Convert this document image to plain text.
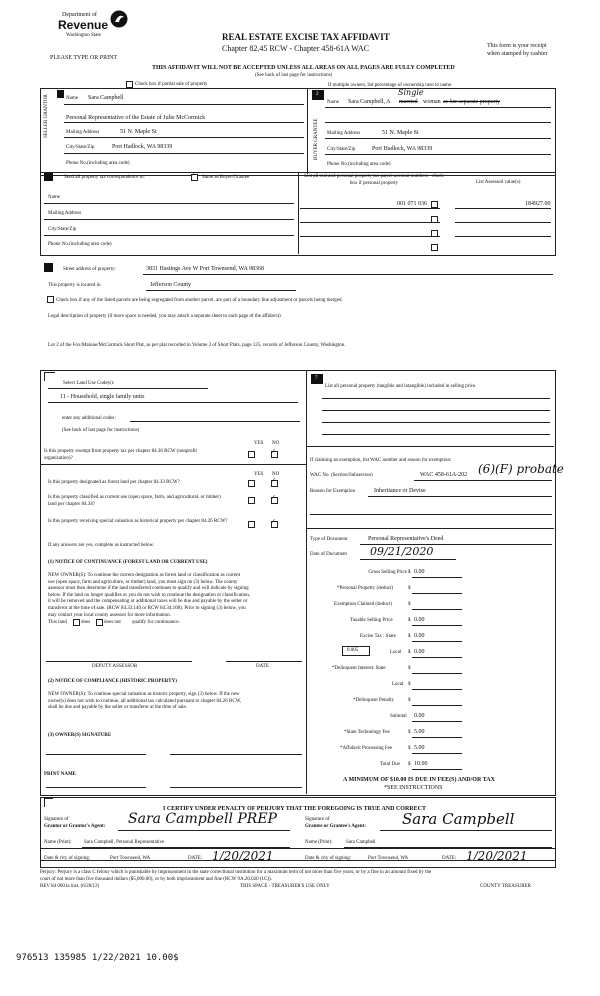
Department of
Revenue
Washington State
PLEASE TYPE OR PRINT
REAL ESTATE EXCISE TAX AFFIDAVIT
Chapter 82.45 RCW - Chapter 458-61A WAC	This form is your receipt
when stamped by cashier
THIS AFFIDAVIT WILL NOT BE ACCEPTED UNLESS ALL AREAS ON ALL PAGES ARE FULLY COMPLETED
(See back of last page for instructions)
Check box if partial sale of property	If multiple owners, list percentage of ownership next to name.
SELLER GRANTOR	Name Sara Campbell
Personal Representative of the Estate of Julie McCormick
Mailing Address	51 N. Maple St
City/State/Zip	Port Hadlock, WA 98339
Phone No.(including area code)
2
BUYER GRANTEE
Name Sara Campbell, A married woman as her separate property
Single
Mailing Address	51 N. Maple St
City/State/Zip	Port Hadlock, WA 98339
Phone No.(including area code)
Send all property tax correspondence to:	✓ Same as Buyer/Grantee
Name
Mailing Address
City/State/Zip
Phone No.(including area code)
List all real and personal property tax parcel account numbers - check box if personal property	List Assessed value(s)
001 071 036	184927.00
Street address of property:	3831 Hastings Ave W Port Townsend, WA 98368
This property is located in	Jefferson County
Check box if any of the listed parcels are being segregated from another parcel, are part of a boundary line adjustment or parcels being merged.
Legal description of property (if more space is needed, you may attach a separate sheet to each page of the affidavit)
Lot 2 of the Fox/Malone/McCormick Short Plat, as per plat recorded in Volume 2 of Short Plats, page 125, records of Jefferson County, Washington.
Select Land Use Code(s):
11 - Household, single family units
enter any additional codes:
(See back of last page for instructions)
YES NO
Is this property exempt from property tax per chapter 84.36 RCW (nonprofit organization)?
✓
YES NO
Is this property designated as forest land per chapter 84.33 RCW?	✓
Is this property classified as current use (open space, farm, and agricultural, or timber) land per chapter 84.34?
✓
Is this property receiving special valuation as historical property per chapter 84.26 RCW?	✓
If any answers are yes, complete as instructed below.
(1) NOTICE OF CONTINUANCE (FOREST LAND OR CURRENT USE)
NEW OWNER(S): To continue the current designation as forest land or classification as current
use (open space, farm and agriculture, or timber) land, you must sign on (3) below. The county
assessor must then determine if the land transferred continues to qualify and will indicate by signing
below. If the land no longer qualifies or you do not wish to continue the designation or classification,
it will be removed and the compensating or additional taxes will be due and payable by the seller or
transferor at the time of sale. (RCW 84.33.140 or RCW 84.34.108). Prior to signing (3) below, you
may contact your local county assessor for more information.
This land	does	does not qualify for continuance.
DEPUTY ASSESSOR	DATE
(2) NOTICE OF COMPLIANCE (HISTORIC PROPERTY)
NEW OWNER(S): To continue special valuation as historic property, sign (3) below. If the new
owner(s) does not wish to continue, all additional tax calculated pursuant to chapter 84.26 RCW,
shall be due and payable by the seller or transferor at the time of sale.
(3) OWNER(S) SIGNATURE
PRINT NAME
7
List all personal property (tangible and intangible) included in selling price.
If claiming an exemption, list WAC number and reason for exemption:
WAC No. (Section/Subsection)	WAC 458-61A-202 (6)(F) probate
Reason for Exemption	Inheritance or Devise
Type of Document	Personal Representative's Deed
Date of Document 09/21/2020
Gross Selling Price $ 0.00
*Personal Property (deduct)	$
Exemption Claimed (deduct)	$
Taxable Selling Price	$ 0.00
Excise Tax : State $ 0.00
0.005	Local $ 0.00
*Delinquent Interest: State	$
Local $
*Delinquent Penalty	$
Subtotal 0.00
*State Technology Fee	$ 5.00
*Affidavit Processing Fee	$ 5.00
Total Due $ 10.00
A MINIMUM OF $10.00 IS DUE IN FEE(S) AND/OR TAX
*SEE INSTRUCTIONS
I CERTIFY UNDER PENALTY OF PERJURY THAT THE FOREGOING IS TRUE AND CORRECT
Signature of
Grantor or Grantor's Agent: Sara Campbell PREP	Signature of
Grantee or Grantee's Agent: Sara Campbell
Name (Print): Sara Campbell, Personal Representative	Name (Print):	Sara Campbell
Date & city of signing:	Port Townsend, WA	DATE: 1/20/2021	Date & city of signing:	Port Townsend, WA	DATE: 1/20/2021
Perjury: Perjury is a class C felony which is punishable by imprisonment in the state correctional institution for a maximum term of not more than five years, or by a fine in an amount fixed by the
court of not more than five thousand dollars ($5,000.00), or by both imprisonment and fine (RCW 9A.20.020 (1C)).
REV 84 0001a inst. (6/28/12)	THIS SPACE - TREASURER'S USE ONLY	COUNTY TREASURER
976513 135985 1/22/2021 10.00$
